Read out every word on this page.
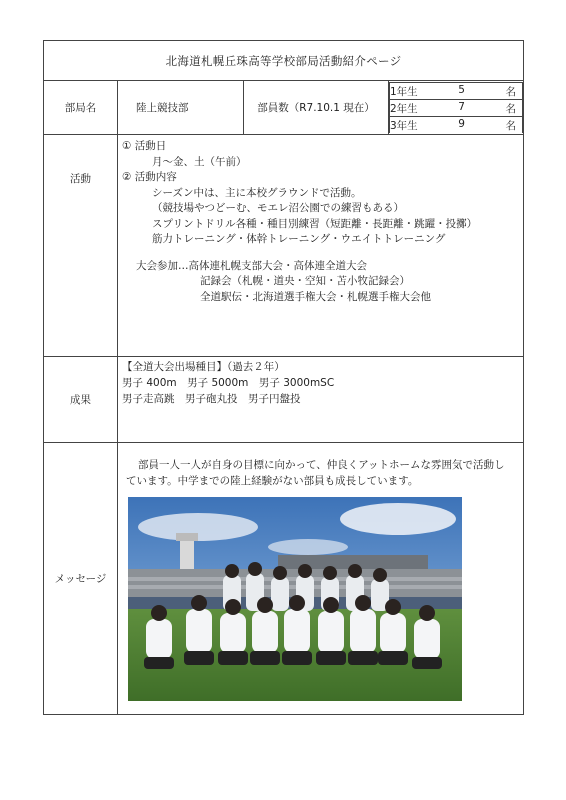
北海道札幌丘珠高等学校部局活動紹介ページ
部局名	陸上競技部	部員数（R7.10.1 現在）	
1年生	5	名

2年生	7	名

3年生	9	名

活動	
① 活動日
月～金、土（午前）
② 活動内容
シーズン中は、主に本校グラウンドで活動。
（競技場やつどーむ、モエレ沼公園での練習もある）
スプリントドリル各種・種目別練習（短距離・長距離・跳躍・投擲）
筋力トレーニング・体幹トレーニング・ウエイトトレーニング
大会参加…高体連札幌支部大会・高体連全道大会
記録会（札幌・道央・空知・苫小牧記録会）
全道駅伝・北海道選手権大会・札幌選手権大会他

成果	
【全道大会出場種目】（過去２年）
男子 400m　男子 5000m　男子 3000mSC
男子走高跳　男子砲丸投　男子円盤投

メッセージ	

部員一人一人が自身の目標に向かって、仲良くアットホームな雰囲気で活動しています。中学までの陸上経験がない部員も成長しています。
